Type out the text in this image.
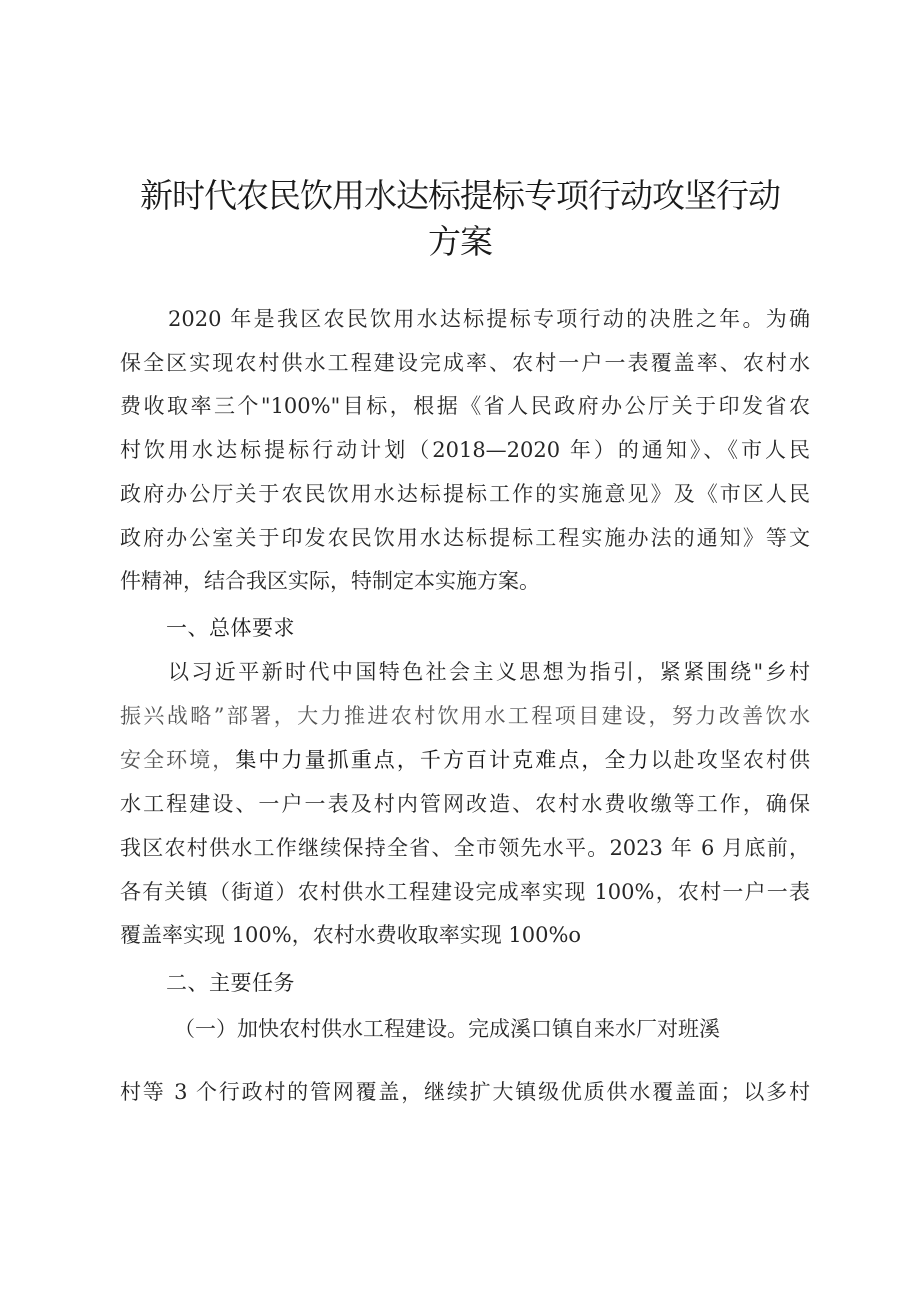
新时代农民饮用水达标提标专项行动攻坚行动
方案
2020 年是我区农民饮用水达标提标专项行动的决胜之年。为确
保全区实现农村供水工程建设完成率、农村一户一表覆盖率、农村水
费收取率三个"100%"目标，根据《省人民政府办公厅关于印发省农
村饮用水达标提标行动计划（2018—2020 年）的通知》、《市人民
政府办公厅关于农民饮用水达标提标工作的实施意见》及《市区人民
政府办公室关于印发农民饮用水达标提标工程实施办法的通知》等文
件精神，结合我区实际，特制定本实施方案。
一、总体要求
以习近平新时代中国特色社会主义思想为指引，紧紧围绕"乡村
振兴战略”部署，大力推进农村饮用水工程项目建设，努力改善饮水
安全环境，集中力量抓重点，千方百计克难点，全力以赴攻坚农村供
水工程建设、一户一表及村内管网改造、农村水费收缴等工作，确保
我区农村供水工作继续保持全省、全市领先水平。2023 年 6 月底前，
各有关镇（街道）农村供水工程建设完成率实现 100%，农村一户一表
覆盖率实现 100%，农村水费收取率实现 100%o
二、主要任务
（一）加快农村供水工程建设。完成溪口镇自来水厂对班溪
村等 3 个行政村的管网覆盖，继续扩大镇级优质供水覆盖面；以多村
